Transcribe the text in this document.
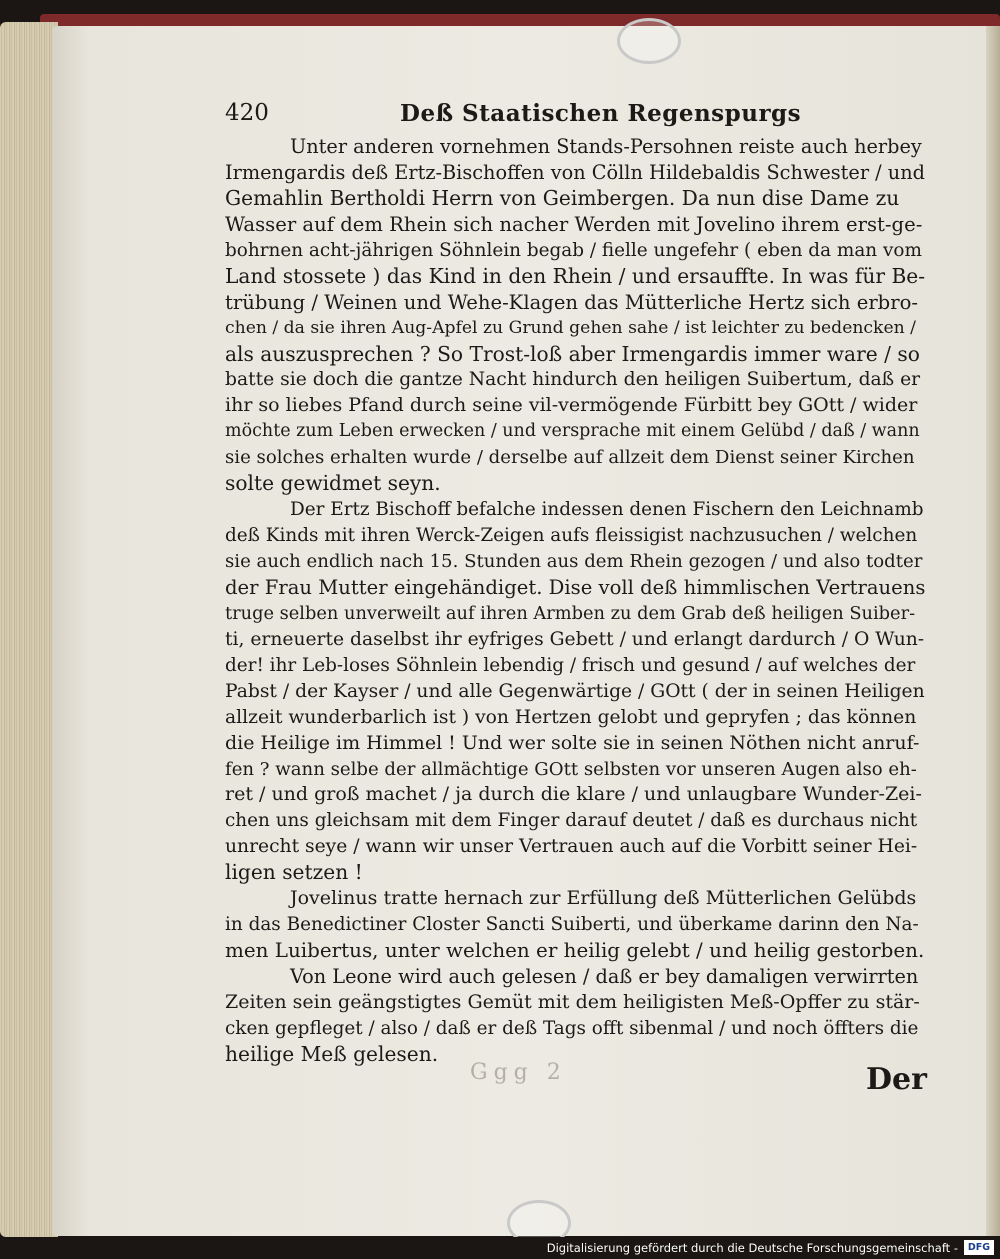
420	Deß Staatischen Regenspurgs
Unter anderen vornehmen Stands-Persohnen reiste auch herbey
Irmengardis deß Ertz-Bischoffen von Cölln Hildebaldis Schwester / und
Gemahlin Bertholdi Herrn von Geimbergen. Da nun dise Dame zu
Wasser auf dem Rhein sich nacher Werden mit Jovelino ihrem erst-ge-
bohrnen acht-jährigen Söhnlein begab / fielle ungefehr ( eben da man vom
Land stossete ) das Kind in den Rhein / und ersauffte. In was für Be-
trübung / Weinen und Wehe-Klagen das Mütterliche Hertz sich erbro-
chen / da sie ihren Aug-Apfel zu Grund gehen sahe / ist leichter zu bedencken /
als auszusprechen ? So Trost-loß aber Irmengardis immer ware / so
batte sie doch die gantze Nacht hindurch den heiligen Suibertum, daß er
ihr so liebes Pfand durch seine vil-vermögende Fürbitt bey GOtt / wider
möchte zum Leben erwecken / und versprache mit einem Gelübd / daß / wann
sie solches erhalten wurde / derselbe auf allzeit dem Dienst seiner Kirchen
solte gewidmet seyn.
Der Ertz Bischoff befalche indessen denen Fischern den Leichnamb
deß Kinds mit ihren Werck-Zeigen aufs fleissigist nachzusuchen / welchen
sie auch endlich nach 15. Stunden aus dem Rhein gezogen / und also todter
der Frau Mutter eingehändiget. Dise voll deß himmlischen Vertrauens
truge selben unverweilt auf ihren Armben zu dem Grab deß heiligen Suiber-
ti, erneuerte daselbst ihr eyfriges Gebett / und erlangt dardurch / O Wun-
der! ihr Leb-loses Söhnlein lebendig / frisch und gesund / auf welches der
Pabst / der Kayser / und alle Gegenwärtige / GOtt ( der in seinen Heiligen
allzeit wunderbarlich ist ) von Hertzen gelobt und gepryfen ; das können
die Heilige im Himmel ! Und wer solte sie in seinen Nöthen nicht anruf-
fen ? wann selbe der allmächtige GOtt selbsten vor unseren Augen also eh-
ret / und groß machet / ja durch die klare / und unlaugbare Wunder-Zei-
chen uns gleichsam mit dem Finger darauf deutet / daß es durchaus nicht
unrecht seye / wann wir unser Vertrauen auch auf die Vorbitt seiner Hei-
ligen setzen !
Jovelinus tratte hernach zur Erfüllung deß Mütterlichen Gelübds
in das Benedictiner Closter Sancti Suiberti, und überkame darinn den Na-
men Luibertus, unter welchen er heilig gelebt / und heilig gestorben.
Von Leone wird auch gelesen / daß er bey damaligen verwirrten
Zeiten sein geängstigtes Gemüt mit dem heiligisten Meß-Opffer zu stär-
cken gepfleget / also / daß er deß Tags offt sibenmal / und noch öffters die
heilige Meß gelesen.
Ggg 2	Der
Digitalisierung gefördert durch die Deutsche Forschungsgemeinschaft -	DFG
